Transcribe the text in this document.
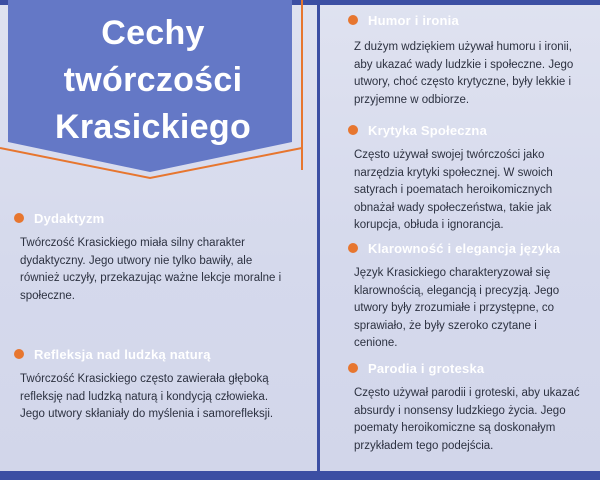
Cechy
twórczości
Krasickiego
Dydaktyzm
Twórczość Krasickiego miała silny charakter dydaktyczny. Jego utwory nie tylko bawiły, ale również uczyły, przekazując ważne lekcje moralne i społeczne.
Refleksja nad ludzką naturą
Twórczość Krasickiego często zawierała głęboką refleksję nad ludzką naturą i kondycją człowieka. Jego utwory skłaniały do myślenia i samorefleksji.
Humor i ironia
Z dużym wdziękiem używał humoru i ironii, aby ukazać wady ludzkie i społeczne. Jego utwory, choć często krytyczne, były lekkie i przyjemne w odbiorze.
Krytyka Społeczna
Często używał swojej twórczości jako narzędzia krytyki społecznej. W swoich satyrach i poematach heroikomicznych obnażał wady społeczeństwa, takie jak korupcja, obłuda i ignorancja.
Klarowność i elegancja języka
Język Krasickiego charakteryzował się klarownością, elegancją i precyzją. Jego utwory były zrozumiałe i przystępne, co sprawiało, że były szeroko czytane i cenione.
Parodia i groteska
Często używał parodii i groteski, aby ukazać absurdy i nonsensy ludzkiego życia. Jego poematy heroikomiczne są doskonałym przykładem tego podejścia.
